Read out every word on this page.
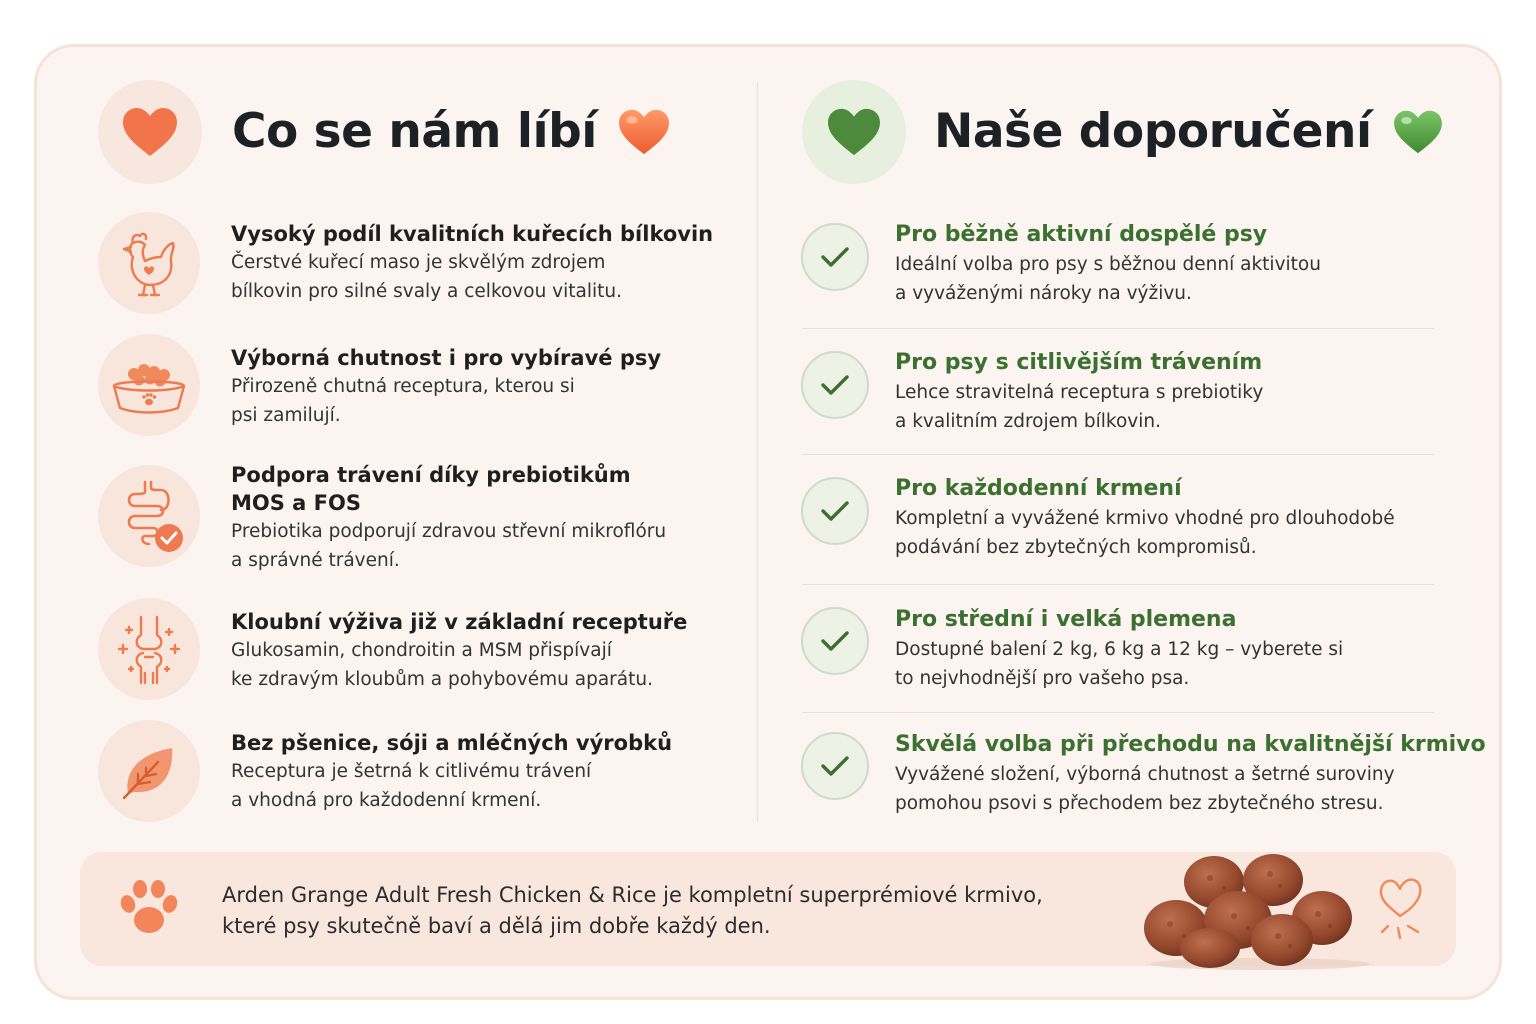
Co se nám líbí	Naše doporučení
Vysoký podíl kvalitních kuřecích bílkovin
Čerstvé kuřecí maso je skvělým zdrojem
bílkovin pro silné svaly a celkovou vitalitu.
Výborná chutnost i pro vybíravé psy
Přirozeně chutná receptura, kterou si
psi zamilují.
Podpora trávení díky prebiotikům
MOS a FOS
Prebiotika podporují zdravou střevní mikroflóru
a správné trávení.
Kloubní výživa již v základní receptuře
Glukosamin, chondroitin a MSM přispívají
ke zdravým kloubům a pohybovému aparátu.
Bez pšenice, sóji a mléčných výrobků
Receptura je šetrná k citlivému trávení
a vhodná pro každodenní krmení.
Pro běžně aktivní dospělé psy
Ideální volba pro psy s běžnou denní aktivitou
a vyváženými nároky na výživu.
Pro psy s citlivějším trávením
Lehce stravitelná receptura s prebiotiky
a kvalitním zdrojem bílkovin.
Pro každodenní krmení
Kompletní a vyvážené krmivo vhodné pro dlouhodobé
podávání bez zbytečných kompromisů.
Pro střední i velká plemena
Dostupné balení 2 kg, 6 kg a 12 kg – vyberete si
to nejvhodnější pro vašeho psa.
Skvělá volba při přechodu na kvalitnější krmivo
Vyvážené složení, výborná chutnost a šetrné suroviny
pomohou psovi s přechodem bez zbytečného stresu.
Arden Grange Adult Fresh Chicken & Rice je kompletní superprémiové krmivo,
které psy skutečně baví a dělá jim dobře každý den.
